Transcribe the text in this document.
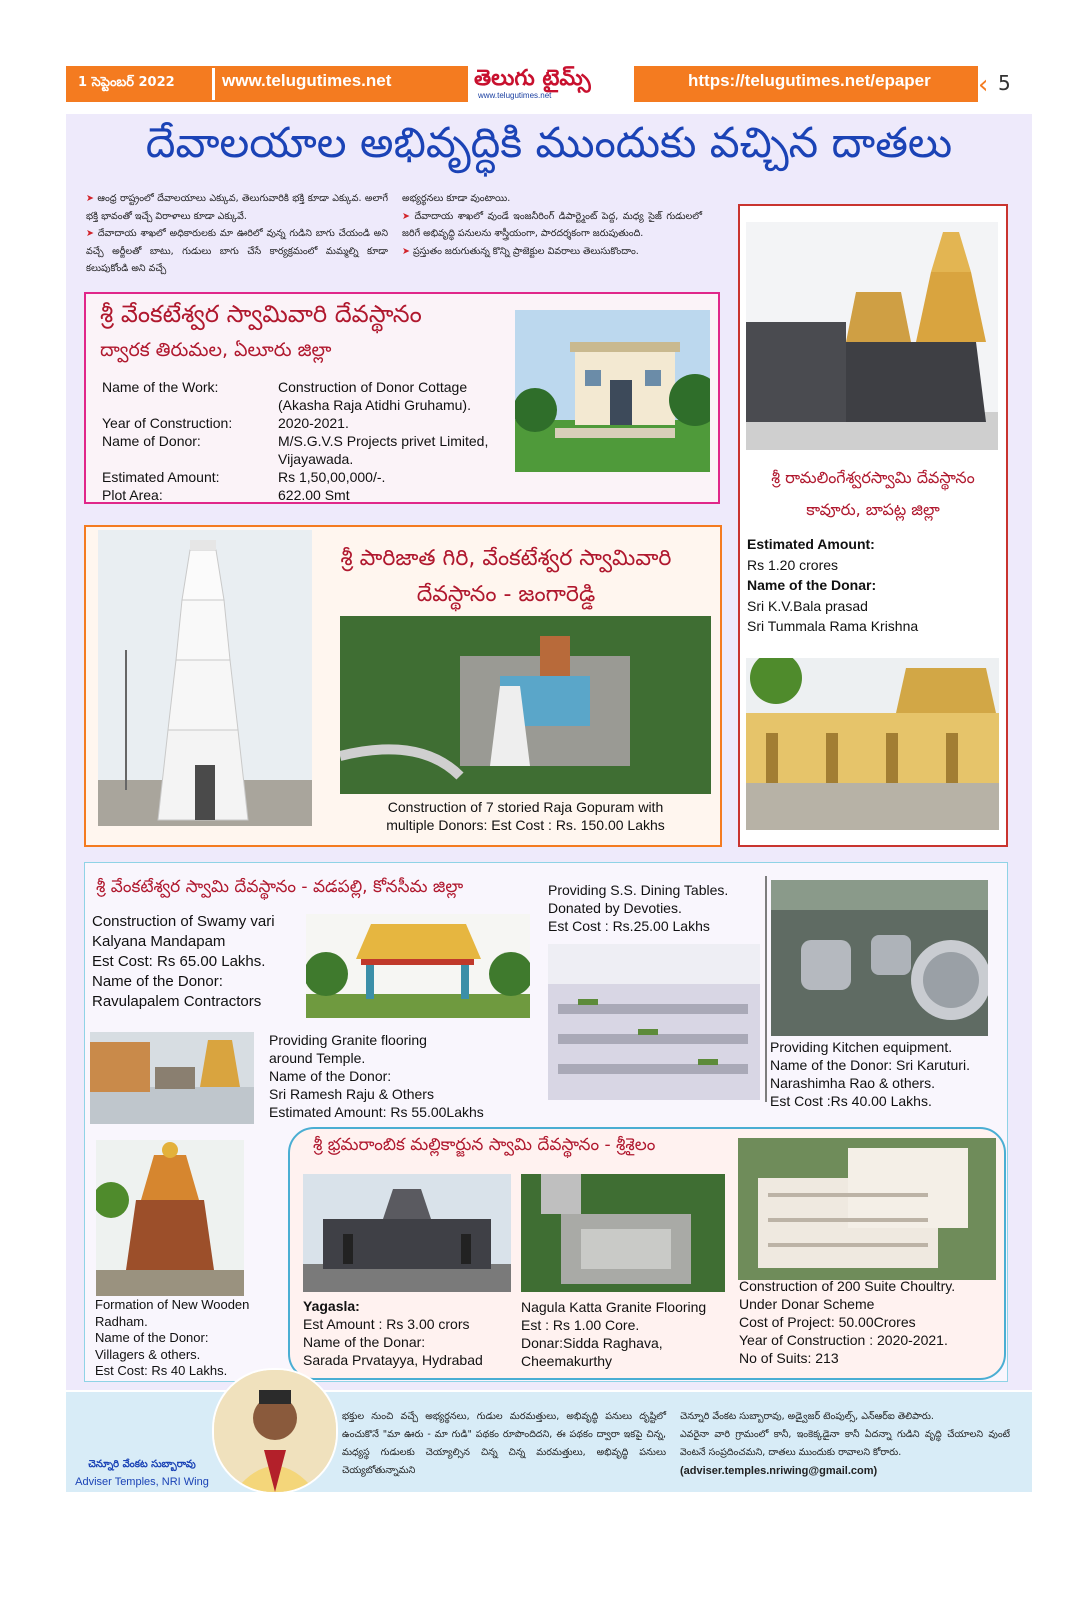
1 సెప్టెంబర్ 2022	www.telugutimes.net	తెలుగు టైమ్స్
www.telugutimes.net
https://telugutimes.net/epaper ‹ 5
దేవాలయాల అభివృద్ధికి ముందుకు వచ్చిన దాతలు
➤ ఆంధ్ర రాష్ట్రంలో దేవాలయాలు ఎక్కువ, తెలుగువారికి భక్తి కూడా ఎక్కువ. అలాగే భక్తి భావంతో ఇచ్చే విరాళాలు కూడా ఎక్కువే.
➤ దేవాదాయ శాఖలో అధికారులకు మా ఊరిలో వున్న గుడిని బాగు చేయండి అని వచ్చే అర్జీలతో బాటు, గుడులు బాగు చేసే కార్యక్రమంలో మమ్మల్ని కూడా కలుపుకోండి అని వచ్చే
అభ్యర్థనలు కూడా వుంటాయి.
➤ దేవాదాయ శాఖలో వుండే ఇంజనీరింగ్ డిపార్ట్మెంట్ పెద్ద, మధ్య సైజ్ గుడులలో జరిగే అభివృద్ధి పనులను శాస్త్రీయంగా, పారదర్శకంగా జరుపుతుంది.
➤ ప్రస్తుతం జరుగుతున్న కొన్ని ప్రాజెక్టుల వివరాలు తెలుసుకొందాం.
శ్రీ వేంకటేశ్వర స్వామివారి దేవస్థానం
ద్వారక తిరుమల, ఏలూరు జిల్లా
Name of the Work:	Construction of Donor Cottage
(Akasha Raja Atidhi Gruhamu).
Year of Construction:	2020-2021.
Name of Donor:	M/S.G.V.S Projects privet Limited,
Vijayawada.
Estimated Amount:	Rs 1,50,00,000/-.
Plot Area:	622.00 Smt
శ్రీ పారిజాత గిరి, వేంకటేశ్వర స్వామివారి
దేవస్థానం - జంగారెడ్డి
Construction of 7 storied Raja Gopuram with
multiple Donors: Est Cost : Rs. 150.00 Lakhs
శ్రీ రామలింగేశ్వరస్వామి దేవస్థానం
కావూరు, బాపట్ల జిల్లా
Estimated Amount:
Rs 1.20 crores
Name of the Donar:
Sri K.V.Bala prasad
Sri Tummala Rama Krishna
శ్రీ వేంకటేశ్వర స్వామి దేవస్థానం - వడపల్లి, కోనసీమ జిల్లా
Construction of Swamy vari
Kalyana Mandapam
Est Cost: Rs 65.00 Lakhs.
Name of the Donor:
Ravulapalem Contractors
Providing S.S. Dining Tables.
Donated by Devoties.
Est Cost : Rs.25.00 Lakhs
Providing Kitchen equipment.
Name of the Donor: Sri Karuturi.
Narashimha Rao & others.
Est Cost :Rs 40.00 Lakhs.
Providing Granite flooring
around Temple.
Name of the Donor:
Sri Ramesh Raju & Others
Estimated Amount: Rs 55.00Lakhs
Formation of New Wooden
Radham.
Name of the Donor:
Villagers & others.
Est Cost: Rs 40 Lakhs.
శ్రీ భ్రమరాంబిక మల్లికార్జున స్వామి దేవస్థానం - శ్రీశైలం
Yagasla:
Est Amount : Rs 3.00 crors
Name of the Donar:
Sarada Prvatayya, Hydrabad
Nagula Katta Granite Flooring
Est : Rs 1.00 Core.
Donar:Sidda Raghava,
Cheemakurthy
Construction of 200 Suite Choultry.
Under Donar Scheme
Cost of Project: 50.00Crores
Year of Construction : 2020-2021.
No of Suits: 213
చెన్నూరి వేంకట సుబ్బారావు
Adviser Temples, NRI Wing
భక్తుల నుంచి వచ్చే అభ్యర్థనలు, గుడుల మరమత్తులు, అభివృద్ధి పనులు దృష్టిలో ఉంచుకొనే "మా ఊరు - మా గుడి" పథకం రూపొందిదని, ఈ పథకం ద్వారా ఇకపై చిన్న, మధ్యస్థ గుడులకు చెయ్యాల్సిన చిన్న చిన్న మరమత్తులు, అభివృద్ధి పనులు చెయ్యబోతున్నామని
చెన్నూరి వేంకట సుబ్బారావు, అడ్వైజర్ టెంపుల్స్, ఎన్ఆర్ఐ తెలిపారు.
ఎవరైనా వారి గ్రామంలో కానీ, ఇంకెక్కడైనా కానీ ఏదన్నా గుడిని వృద్ధి చేయాలని వుంటే వెంటనే సంప్రదించమని, దాతలు ముందుకు రావాలని కోరారు.
(adviser.temples.nriwing@gmail.com)
